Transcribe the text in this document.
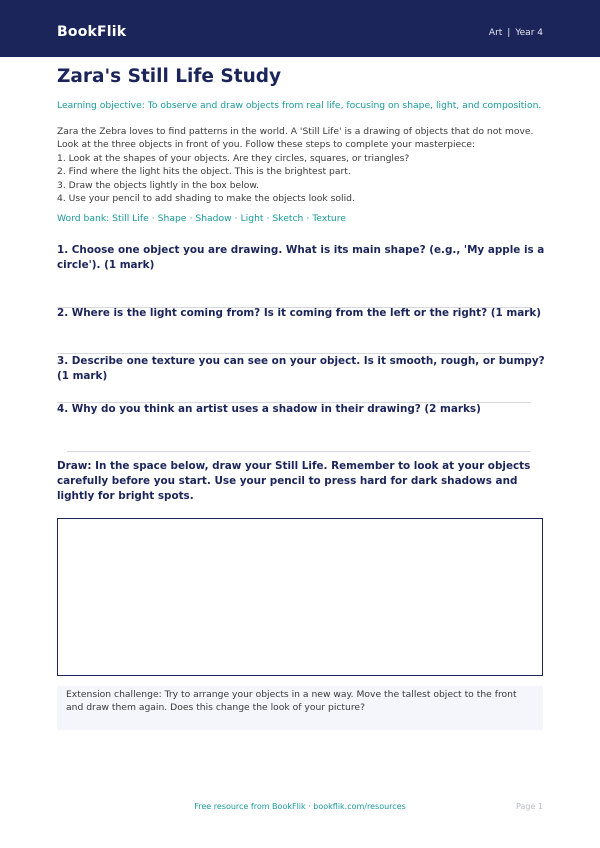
BookFlik	Art | Year 4
Zara's Still Life Study
Learning objective: To observe and draw objects from real life, focusing on shape, light, and composition.

Zara the Zebra loves to find patterns in the world. A 'Still Life' is a drawing of objects that do not move. Look at the three objects in front of you. Follow these steps to complete your masterpiece:

1. Look at the shapes of your objects. Are they circles, squares, or triangles?

2. Find where the light hits the object. This is the brightest part.

3. Draw the objects lightly in the box below.

4. Use your pencil to add shading to make the objects look solid.

Word bank: Still Life · Shape · Shadow · Light · Sketch · Texture
1. Choose one object you are drawing. What is its main shape? (e.g., 'My apple is a circle'). (1 mark)
2. Where is the light coming from? Is it coming from the left or the right? (1 mark)
3. Describe one texture you can see on your object. Is it smooth, rough, or bumpy? (1 mark)
4. Why do you think an artist uses a shadow in their drawing? (2 marks)
Draw: In the space below, draw your Still Life. Remember to look at your objects carefully before you start. Use your pencil to press hard for dark shadows and lightly for bright spots.
Extension challenge: Try to arrange your objects in a new way. Move the tallest object to the front and draw them again. Does this change the look of your picture?
Free resource from BookFlik · bookflik.com/resources	Page 1
